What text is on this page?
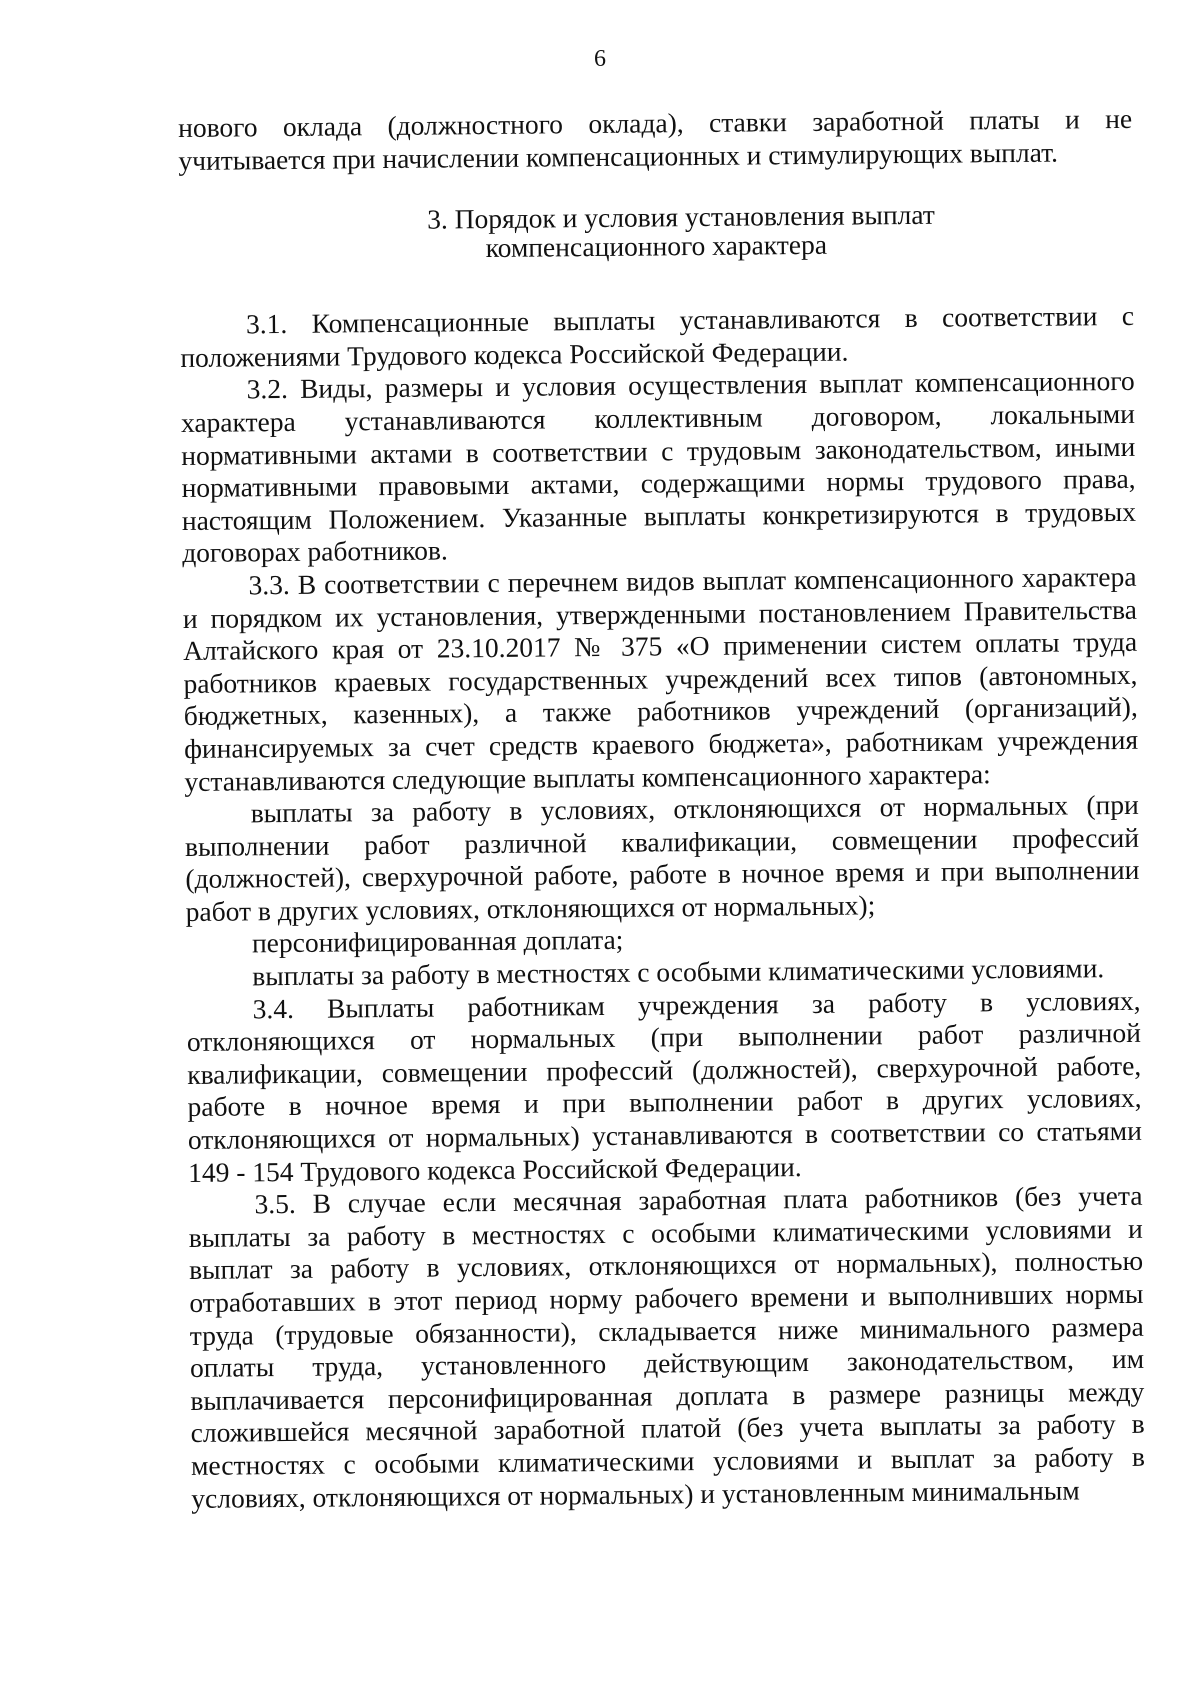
6

нового оклада (должностного оклада), ставки заработной платы и не учитывается при начислении компенсационных и стимулирующих выплат.

3. Порядок и условия установления выплат
компенсационного характера

3.1. Компенсационные выплаты устанавливаются в соответствии с положениями Трудового кодекса Российской Федерации.

3.2. Виды, размеры и условия осуществления выплат компенсационного характера устанавливаются коллективным договором, локальными нормативными актами в соответствии с трудовым законодательством, иными нормативными правовыми актами, содержащими нормы трудового права, настоящим Положением. Указанные выплаты конкретизируются в трудовых договорах работников.

3.3. В соответствии с перечнем видов выплат компенсационного характера и порядком их установления, утвержденными постановлением Правительства Алтайского края от 23.10.2017 № 375 «О применении систем оплаты труда работников краевых государственных учреждений всех типов (автономных, бюджетных, казенных), а также работников учреждений (организаций), финансируемых за счет средств краевого бюджета», работникам учреждения устанавливаются следующие выплаты компенсационного характера:

выплаты за работу в условиях, отклоняющихся от нормальных (при выполнении работ различной квалификации, совмещении профессий (должностей), сверхурочной работе, работе в ночное время и при выполнении работ в других условиях, отклоняющихся от нормальных);

персонифицированная доплата;

выплаты за работу в местностях с особыми климатическими условиями.

3.4. Выплаты работникам учреждения за работу в условиях, отклоняющихся от нормальных (при выполнении работ различной квалификации, совмещении профессий (должностей), сверхурочной работе, работе в ночное время и при выполнении работ в других условиях, отклоняющихся от нормальных) устанавливаются в соответствии со статьями 149 - 154 Трудового кодекса Российской Федерации.

3.5. В случае если месячная заработная плата работников (без учета выплаты за работу в местностях с особыми климатическими условиями и выплат за работу в условиях, отклоняющихся от нормальных), полностью отработавших в этот период норму рабочего времени и выполнивших нормы труда (трудовые обязанности), складывается ниже минимального размера оплаты труда, установленного действующим законодательством, им выплачивается персонифицированная доплата в размере разницы между сложившейся месячной заработной платой (без учета выплаты за работу в местностях с особыми климатическими условиями и выплат за работу в условиях, отклоняющихся от нормальных) и установленным минимальным
